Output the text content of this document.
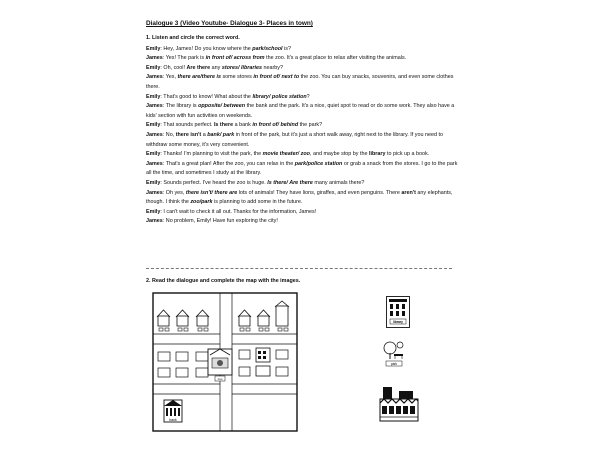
Dialogue 3 (Video Youtube- Dialogue 3- Places in town)

1. Listen and circle the correct word.

Emily: Hey, James! Do you know where the park/school is?

James: Yes! The park is in front of/ across from the zoo. It's a great place to relax after visiting the animals.

Emily: Oh, cool! Are there any stores/ libraries nearby?

James: Yes, there are/there is some stores in front of/ next to the zoo. You can buy snacks, souvenirs, and even some clothes there.

Emily: That's good to know! What about the library/ police station?

James: The library is opposite/ between the bank and the park. It's a nice, quiet spot to read or do some work. They also have a kids' section with fun activities on weekends.

Emily: That sounds perfect. Is there a bank in front of/ behind the park?

James: No, there isn't a bank/ park in front of the park, but it's just a short walk away, right next to the library. If you need to withdraw some money, it's very convenient.

Emily: Thanks! I'm planning to visit the park, the movie theater/ zoo, and maybe stop by the library to pick up a book.

James: That's a great plan! After the zoo, you can relax in the park/police station or grab a snack from the stores. I go to the park all the time, and sometimes I study at the library.

Emily: Sounds perfect. I've heard the zoo is huge. Is there/ Are there many animals there?

James: Oh yes, there isn't/ there are lots of animals! They have lions, giraffes, and even penguins. There aren't any elephants, though. I think the zoo/park is planning to add some in the future.

Emily: I can't wait to check it all out. Thanks for the information, James!

James: No problem, Emily! Have fun exploring the city!

2. Read the dialogue and complete the map with the images.
zoo
bank
library
park
